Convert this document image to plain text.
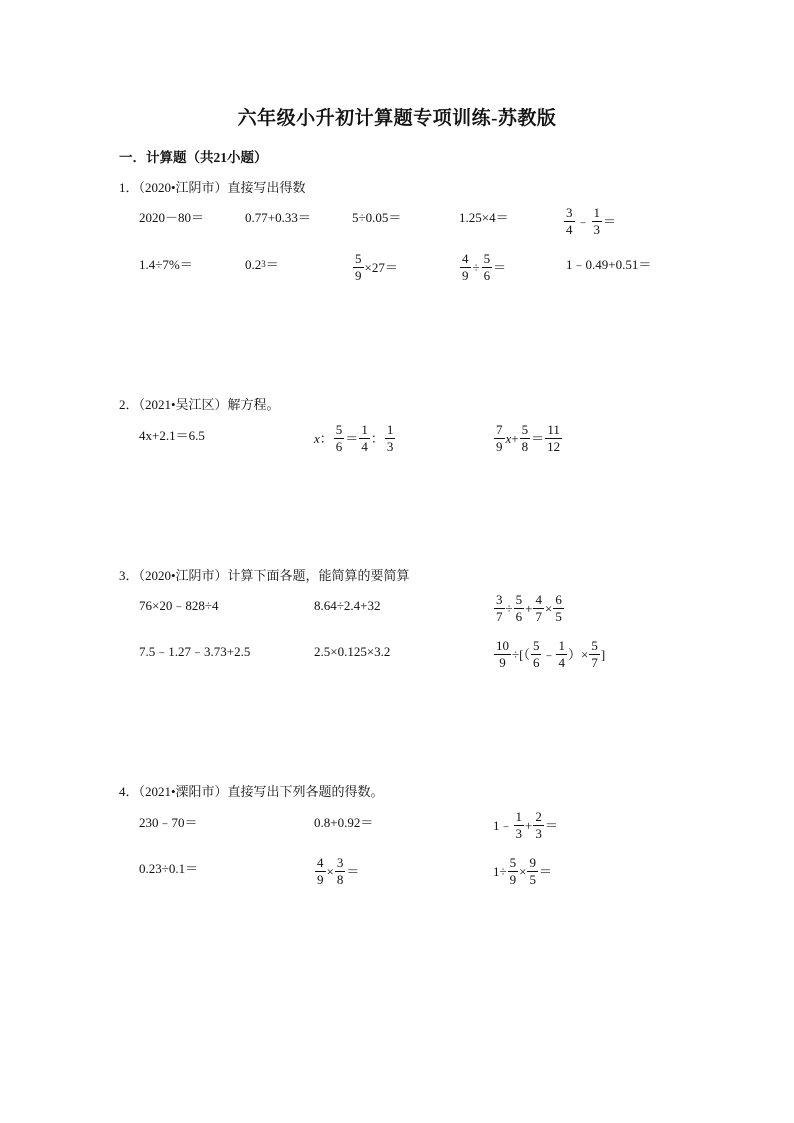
六年级小升初计算题专项训练-苏教版
一．计算题（共21小题）
1．（2020•江阴市）直接写出得数
2020－80＝	0.77+0.33＝	5÷0.05＝	1.25×4＝	$\frac{3}{4}$ ﹣ $\frac{1}{3}$ ＝
1.4÷7%＝	0.2 3 ＝	$\frac{5}{9} \times 27=$	$\frac{4}{9} \div \frac{5}{6}$ ＝	1﹣0.49+0.51＝
2．（2021•吴江区）解方程。
4x+2.1＝6.5	x ： $\frac{5}{6} = \frac{1}{4}$ ： $\frac{1}{3}$	$\frac{7}{9}$ $x + \frac{5}{8} = \frac{11}{12}$
3．（2020•江阴市）计算下面各题，能简算的要简算
76×20﹣828÷4	8.64÷2.4+32	$\frac{3}{7} \div \frac{5}{6} + \frac{4}{7} \times \frac{6}{5}$
7.5﹣1.27﹣3.73+2.5	2.5×0.125×3.2	$\frac{10}{9}$ ÷[（ $\frac{5}{6}$ ﹣ $\frac{1}{4}$ ）× $\frac{5}{7}$ ]
4．（2021•溧阳市）直接写出下列各题的得数。
230﹣70＝	0.8+0.92＝	1﹣ $\frac{1}{3} + \frac{2}{3}$ ＝
0.23÷0.1＝	$\frac{4}{9} \times \frac{3}{8}$ ＝	$1\div \frac{5}{9} \times \frac{9}{5}$ ＝
